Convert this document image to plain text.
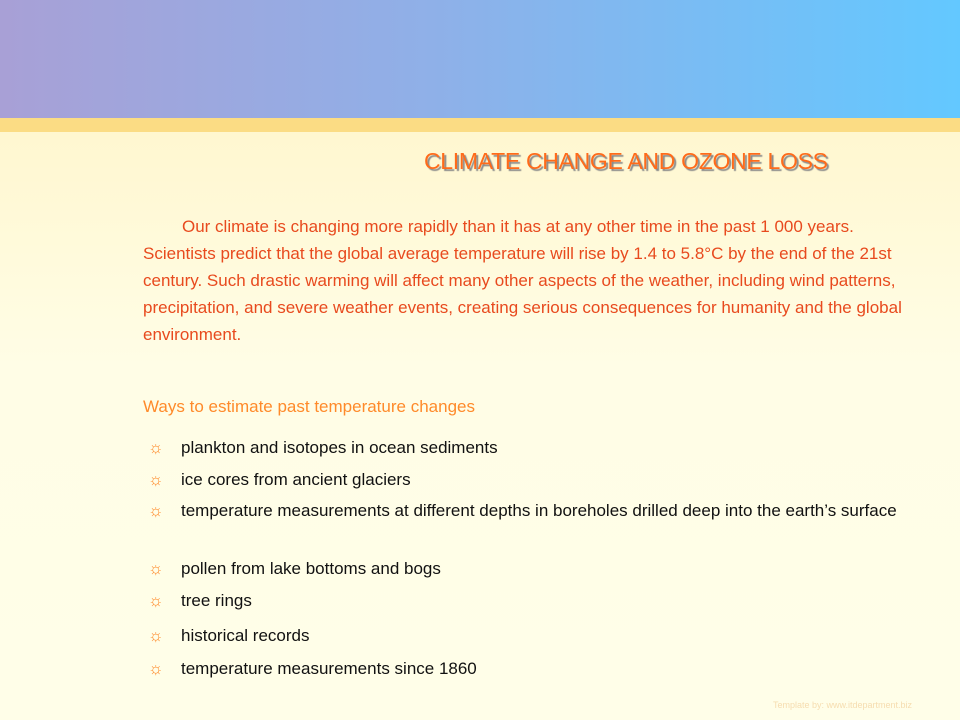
CLIMATE CHANGE AND OZONE LOSS

Our climate is changing more rapidly than it has at any other time in the past 1 000 years. Scientists predict that the global average temperature will rise by 1.4 to 5.8°C by the end of the 21st century. Such drastic warming will affect many other aspects of the weather, including wind patterns, precipitation, and severe weather events, creating serious consequences for humanity and the global environment.

Ways to estimate past temperature changes

☼ plankton and isotopes in ocean sediments
☼ ice cores from ancient glaciers
☼ temperature measurements at different depths in boreholes drilled deep into the earth’s surface
☼ pollen from lake bottoms and bogs
☼ tree rings
☼ historical records
☼ temperature measurements since 1860
Template by: www.itdepartment.biz
